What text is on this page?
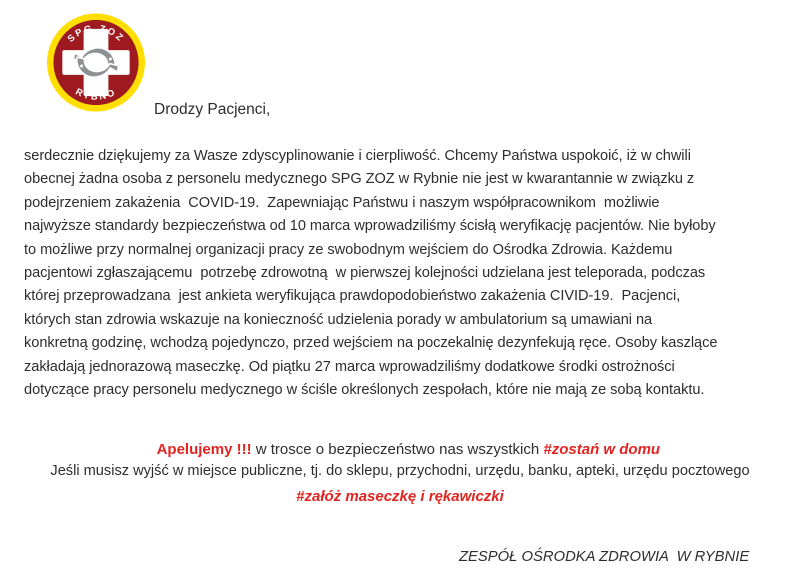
SPG ZOZ
RYBNO
Drodzy Pacjenci,
serdecznie dziękujemy za Wasze zdyscyplinowanie i cierpliwość. Chcemy Państwa uspokoić, iż w chwili
obecnej żadna osoba z personelu medycznego SPG ZOZ w Rybnie nie jest w kwarantannie w związku z
podejrzeniem zakażenia  COVID-19.  Zapewniając Państwu i naszym współpracownikom  możliwie
najwyższe standardy bezpieczeństwa od 10 marca wprowadziliśmy ścisłą weryfikację pacjentów. Nie byłoby
to możliwe przy normalnej organizacji pracy ze swobodnym wejściem do Ośrodka Zdrowia. Każdemu
pacjentowi zgłaszającemu  potrzebę zdrowotną  w pierwszej kolejności udzielana jest teleporada, podczas
której przeprowadzana  jest ankieta weryfikująca prawdopodobieństwo zakażenia CIVID-19.  Pacjenci,
których stan zdrowia wskazuje na konieczność udzielenia porady w ambulatorium są umawiani na
konkretną godzinę, wchodzą pojedynczo, przed wejściem na poczekalnię dezynfekują ręce. Osoby kaszlące
zakładają jednorazową maseczkę. Od piątku 27 marca wprowadziliśmy dodatkowe środki ostrożności
dotyczące pracy personelu medycznego w ściśle określonych zespołach, które nie mają ze sobą kontaktu.

Apelujemy !!! w trosce o bezpieczeństwo nas wszystkich #zostań w domu

Jeśli musisz wyjść w miejsce publiczne, tj. do sklepu, przychodni, urzędu, banku, apteki, urzędu pocztowego
#załóż maseczkę i rękawiczki
ZESPÓŁ OŚRODKA ZDROWIA  W RYBNIE
